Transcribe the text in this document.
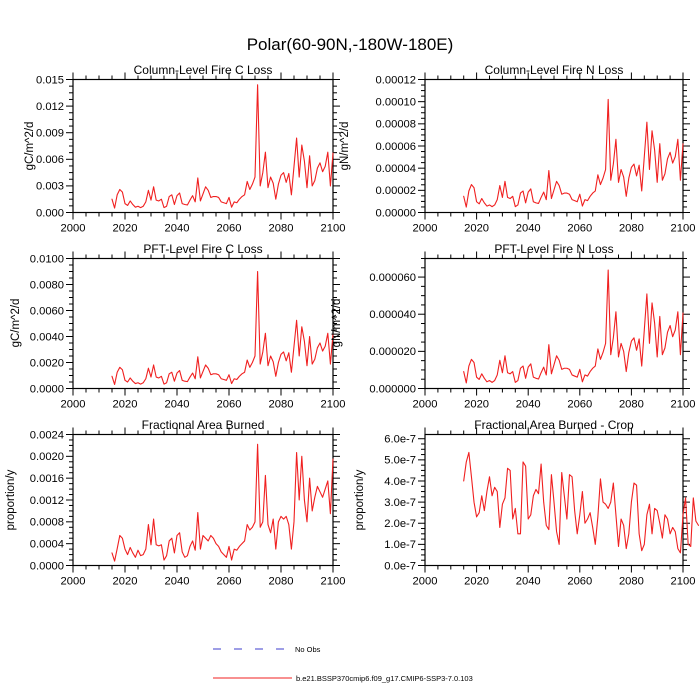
2000 2020 2040 2060 2080 2100
0.000
0.003
0.006
0.009
0.012
0.015
2000 2020 2040 2060 2080 2100
0.00000
0.00002
0.00004
0.00006
0.00008
0.00010
0.00012
2000 2020 2040 2060 2080 2100
0.0000
0.0020
0.0040
0.0060
0.0080
0.0100
2000 2020 2040 2060 2080 2100
0.000000
0.000020
0.000040
0.000060
2000 2020 2040 2060 2080 2100
0.0000
0.0004
0.0008
0.0012
0.0016
0.0020
0.0024
2000 2020 2040 2060 2080 2100
0.0e-7
1.0e-7
2.0e-7
3.0e-7
4.0e-7
5.0e-7
6.0e-7
Polar(60-90N,-180W-180E)
Column-Level Fire C Loss	Column-Level Fire N Loss
PFT-Level Fire C Loss	PFT-Level Fire N Loss
Fractional Area Burned	Fractional Area Burned - Crop
gC/m^2/d	gN/m^2/d
gC/m^2/d	gN/m^2/d
proportion/y	proportion/y
No Obs
b.e21.BSSP370cmip6.f09_g17.CMIP6-SSP3-7.0.103
